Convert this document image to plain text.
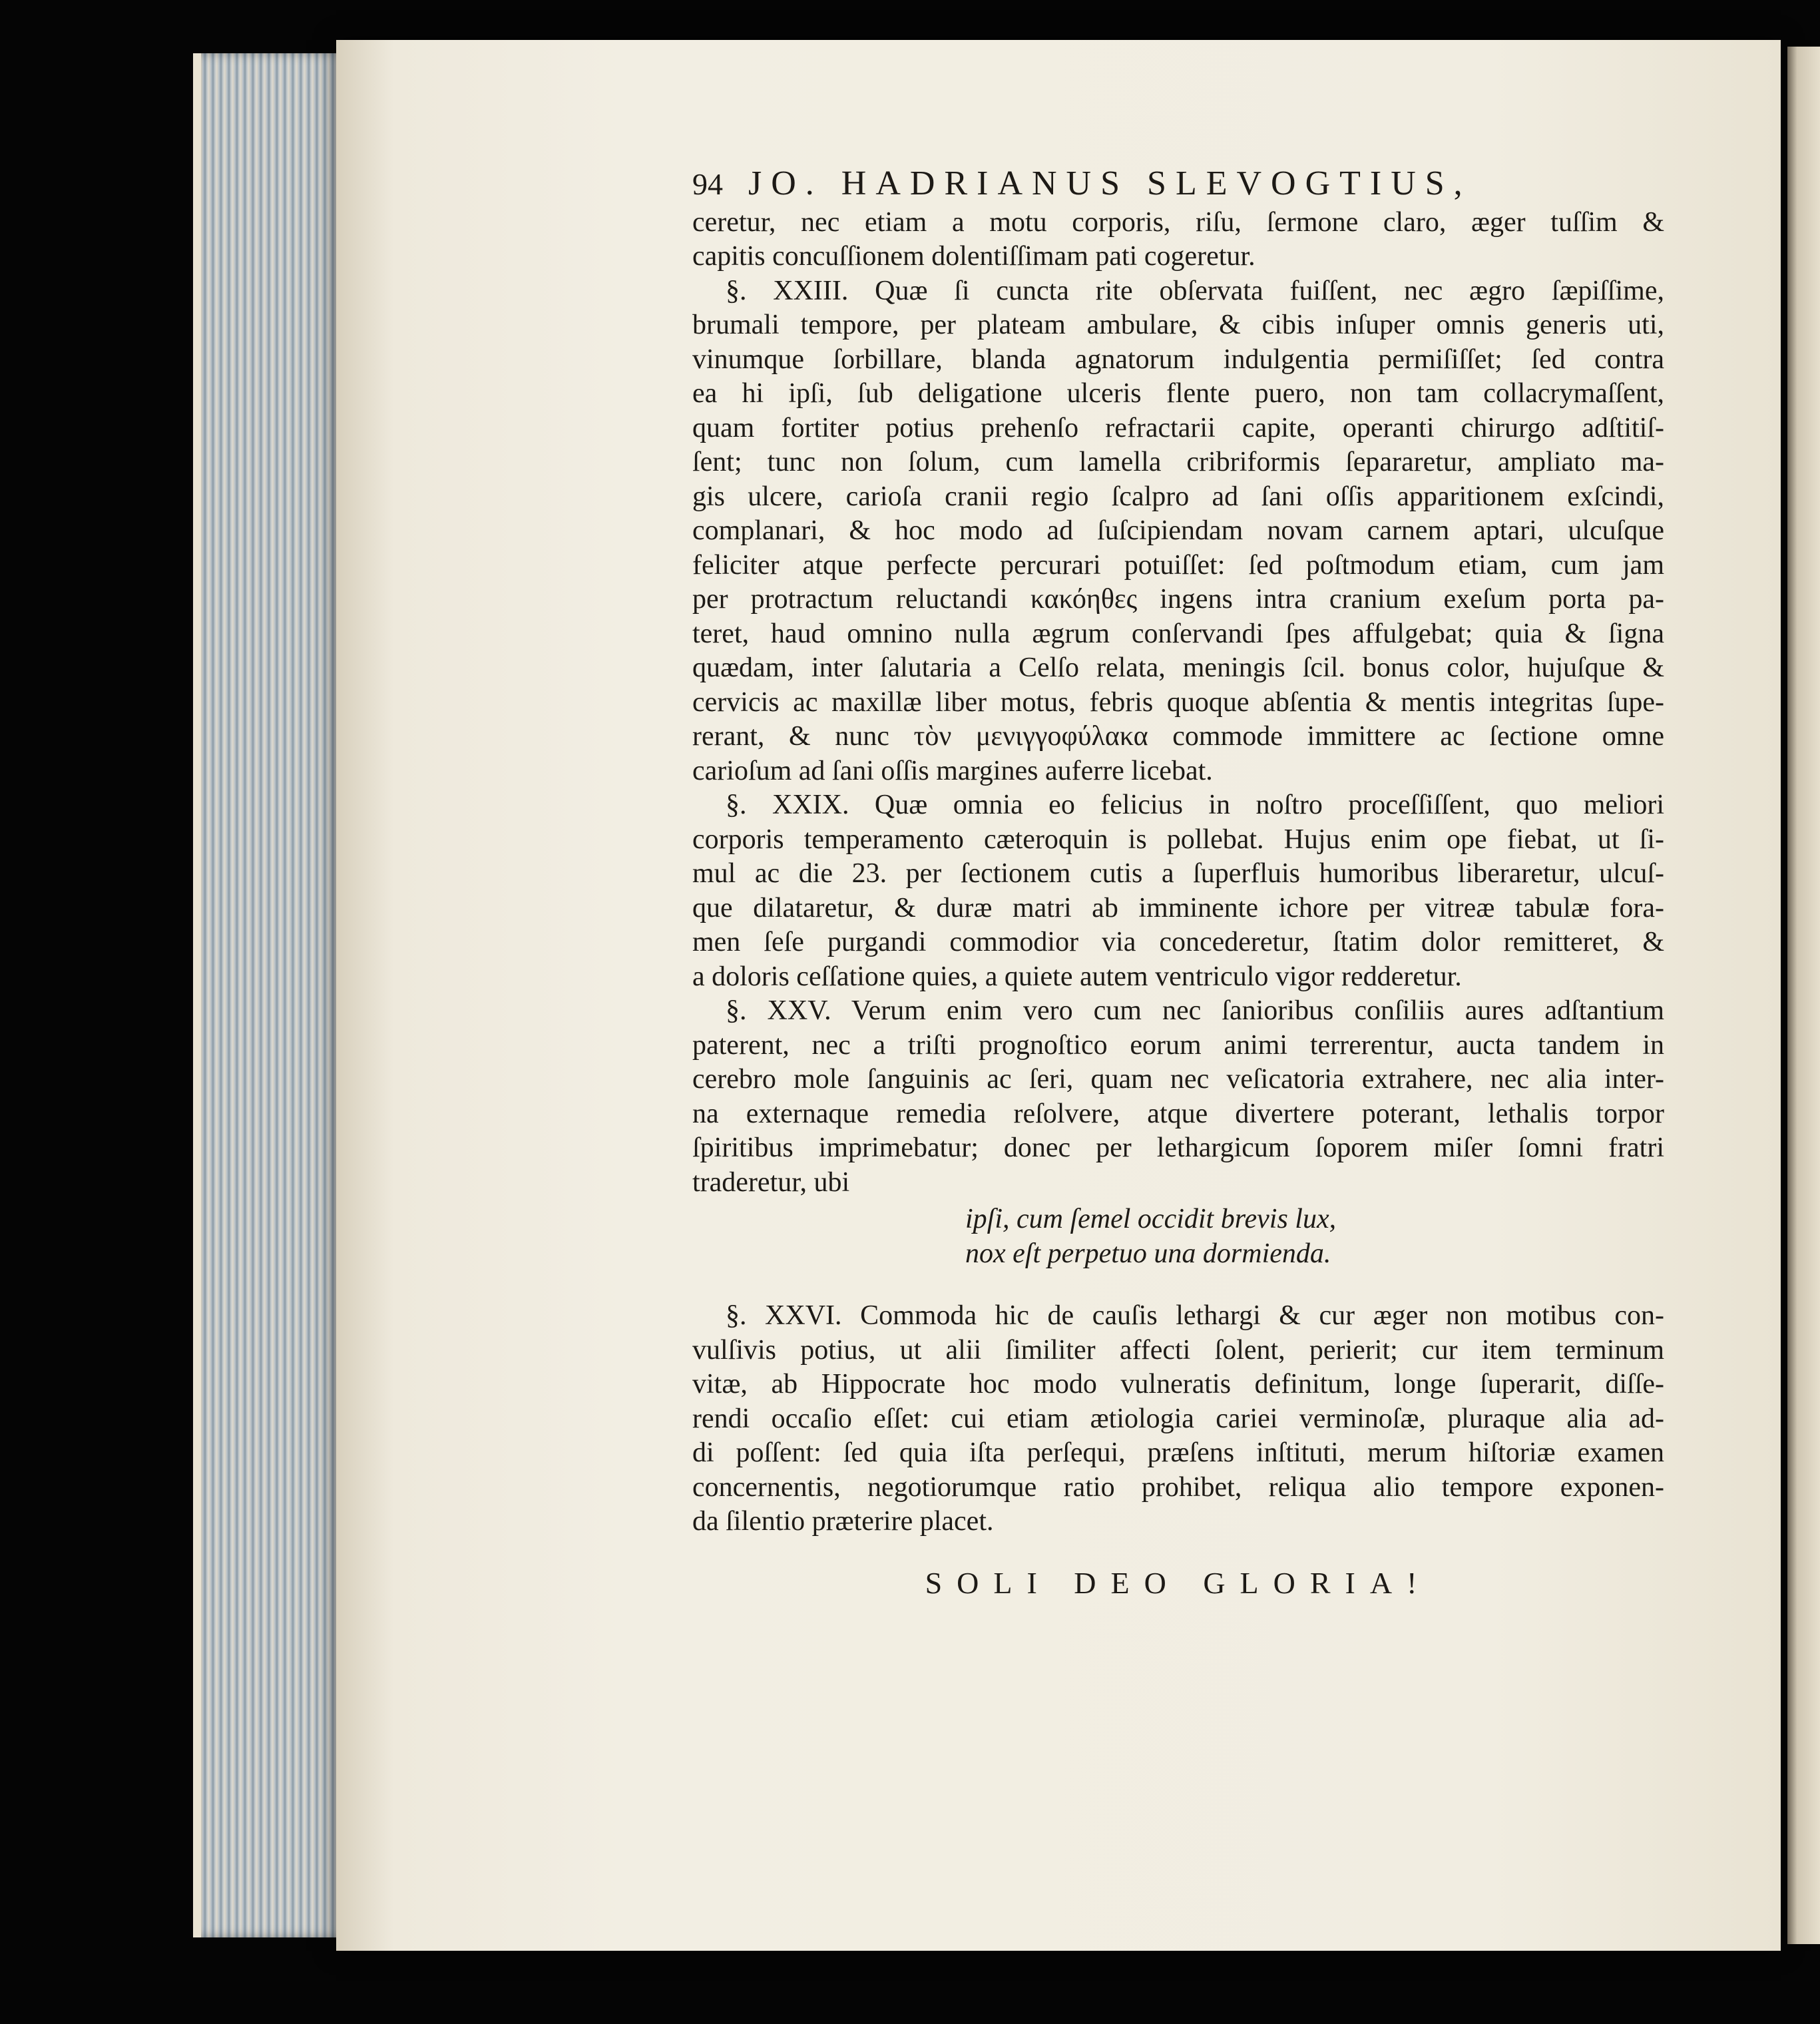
94 JO. HADRIANUS SLEVOGTIUS,
ceretur, nec etiam a motu corporis, riſu, ſermone claro, æger tuſſim &
capitis concuſſionem dolentiſſimam pati cogeretur.
§. XXIII. Quæ ſi cuncta rite obſervata fuiſſent, nec ægro ſæpiſſime,
brumali tempore, per plateam ambulare, & cibis inſuper omnis generis uti,
vinumque ſorbillare, blanda agnatorum indulgentia permiſiſſet; ſed contra
ea hi ipſi, ſub deligatione ulceris flente puero, non tam collacrymaſſent,
quam fortiter potius prehenſo refractarii capite, operanti chirurgo adſtitiſ-
ſent; tunc non ſolum, cum lamella cribriformis ſepararetur, ampliato ma-
gis ulcere, carioſa cranii regio ſcalpro ad ſani oſſis apparitionem exſcindi,
complanari, & hoc modo ad ſuſcipiendam novam carnem aptari, ulcuſque
feliciter atque perfecte percurari potuiſſet: ſed poſtmodum etiam, cum jam
per protractum reluctandi κακόηθες ingens intra cranium exeſum porta pa-
teret, haud omnino nulla ægrum conſervandi ſpes affulgebat; quia & ſigna
quædam, inter ſalutaria a Celſo relata, meningis ſcil. bonus color, hujuſque &
cervicis ac maxillæ liber motus, febris quoque abſentia & mentis integritas ſupe-
rerant, & nunc τὸν μενιγγοφύλακα commode immittere ac ſectione omne
carioſum ad ſani oſſis margines auferre licebat.
§. XXIX. Quæ omnia eo felicius in noſtro proceſſiſſent, quo meliori
corporis temperamento cæteroquin is pollebat. Hujus enim ope fiebat, ut ſi-
mul ac die 23. per ſectionem cutis a ſuperfluis humoribus liberaretur, ulcuſ-
que dilataretur, & duræ matri ab imminente ichore per vitreæ tabulæ fora-
men ſeſe purgandi commodior via concederetur, ſtatim dolor remitteret, &
a doloris ceſſatione quies, a quiete autem ventriculo vigor redderetur.
§. XXV. Verum enim vero cum nec ſanioribus conſiliis aures adſtantium
paterent, nec a triſti prognoſtico eorum animi terrerentur, aucta tandem in
cerebro mole ſanguinis ac ſeri, quam nec veſicatoria extrahere, nec alia inter-
na externaque remedia reſolvere, atque divertere poterant, lethalis torpor
ſpiritibus imprimebatur; donec per lethargicum ſoporem miſer ſomni fratri
traderetur, ubi
ipſi, cum ſemel occidit brevis lux,
nox eſt perpetuo una dormienda.
§. XXVI. Commoda hic de cauſis lethargi & cur æger non motibus con-
vulſivis potius, ut alii ſimiliter affecti ſolent, perierit; cur item terminum
vitæ, ab Hippocrate hoc modo vulneratis definitum, longe ſuperarit, diſſe-
rendi occaſio eſſet: cui etiam ætiologia cariei verminoſæ, pluraque alia ad-
di poſſent: ſed quia iſta perſequi, præſens inſtituti, merum hiſtoriæ examen
concernentis, negotiorumque ratio prohibet, reliqua alio tempore exponen-
da ſilentio præterire placet.
SOLI DEO GLORIA!
